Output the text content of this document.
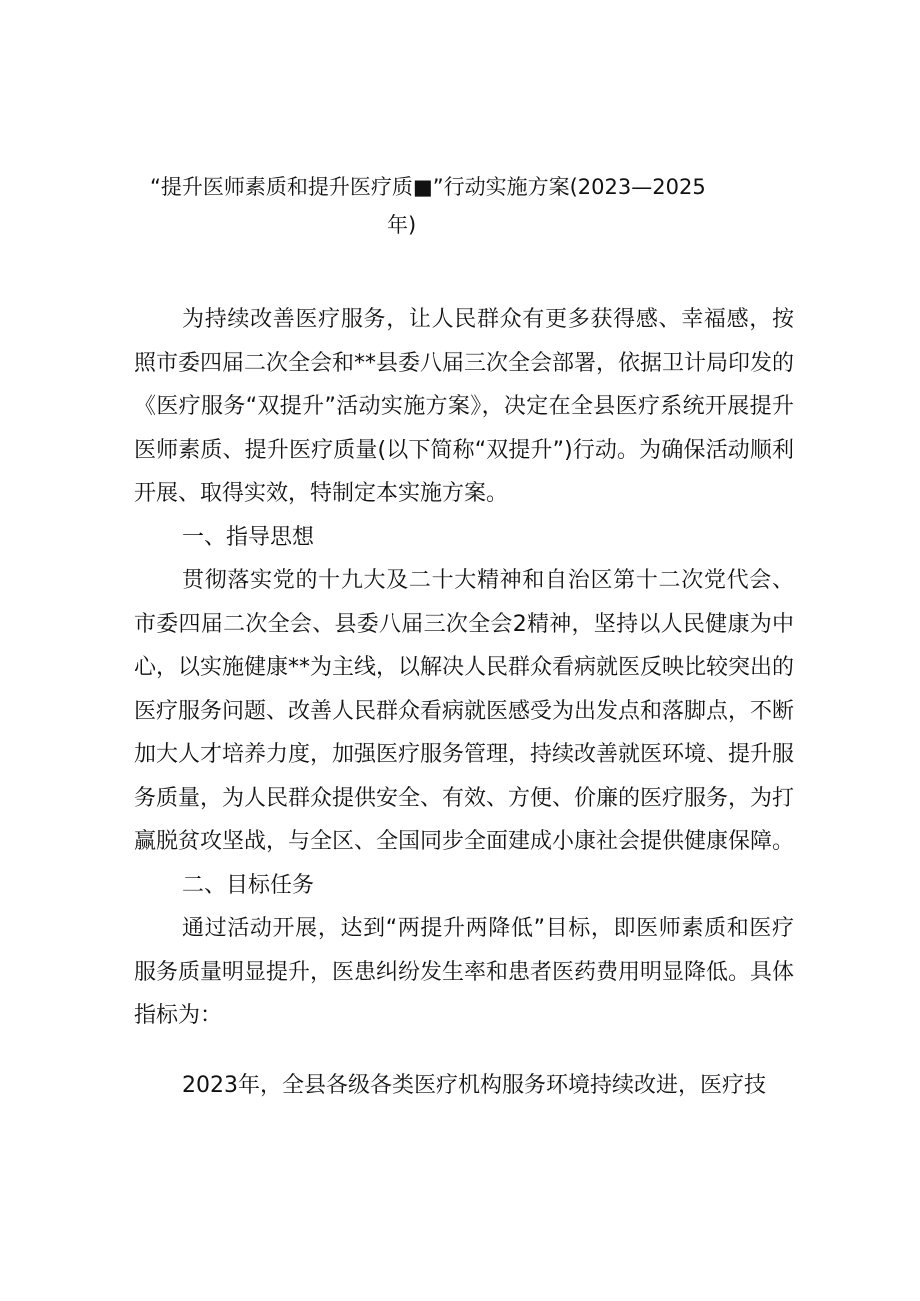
“提升医师素质和提升医疗质■”行动实施方案(2023—2025
年)

为持续改善医疗服务，让人民群众有更多获得感、幸福感，按照市委四届二次全会和**县委八届三次全会部署，依据卫计局印发的《医疗服务“双提升”活动实施方案》，决定在全县医疗系统开展提升医师素质、提升医疗质量(以下简称“双提升”)行动。为确保活动顺利开展、取得实效，特制定本实施方案。

一、指导思想

贯彻落实党的十九大及二十大精神和自治区第十二次党代会、市委四届二次全会、县委八届三次全会2精神，坚持以人民健康为中心，以实施健康**为主线，以解决人民群众看病就医反映比较突出的医疗服务问题、改善人民群众看病就医感受为出发点和落脚点，不断加大人才培养力度，加强医疗服务管理，持续改善就医环境、提升服务质量，为人民群众提供安全、有效、方便、价廉的医疗服务，为打赢脱贫攻坚战，与全区、全国同步全面建成小康社会提供健康保障。

二、目标任务

通过活动开展，达到“两提升两降低”目标，即医师素质和医疗服务质量明显提升，医患纠纷发生率和患者医药费用明显降低。具体指标为：

2023年，全县各级各类医疗机构服务环境持续改进，医疗技
